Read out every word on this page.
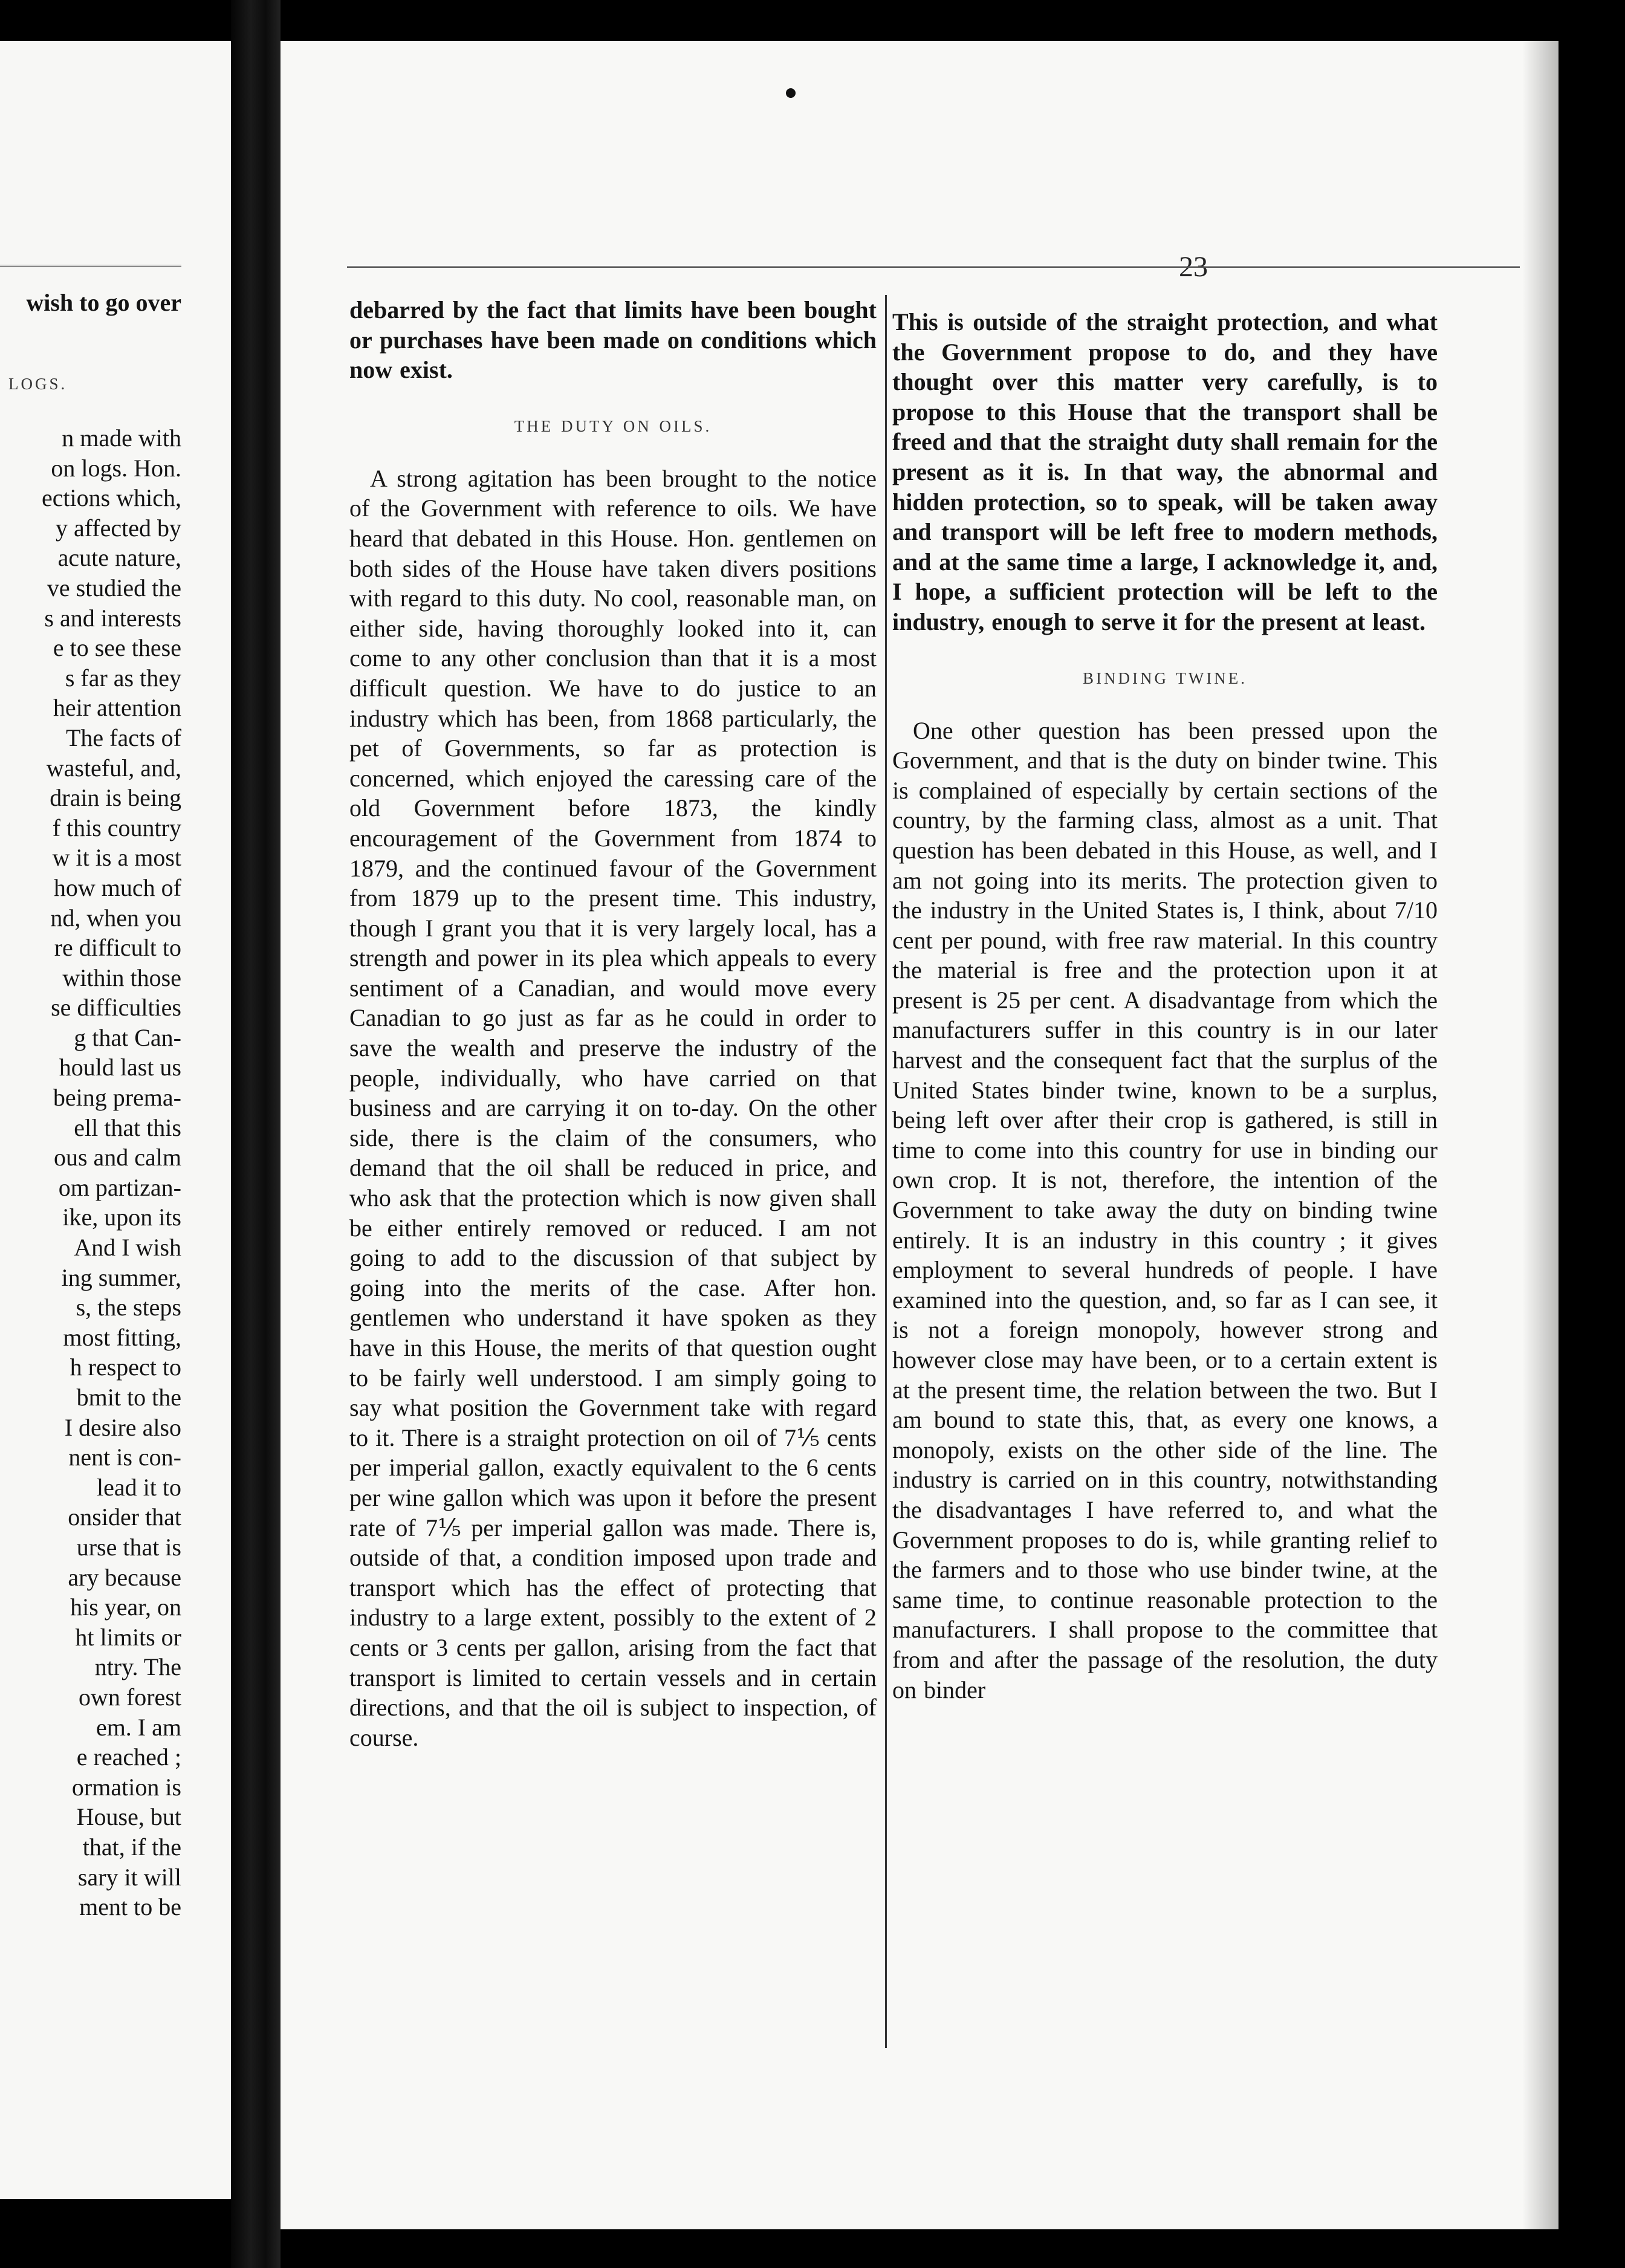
wish to go over
LOGS.
n made with
on logs. Hon.
ections which,
y affected by
acute nature,
ve studied the
s and interests
e to see these
s far as they
heir attention
The facts of
wasteful, and,
drain is being
f this country
w it is a most
how much of
nd, when you
re difficult to
within those
se difficulties
g that Can-
hould last us
being prema-
ell that this
ous and calm
om partizan-
ike, upon its
And I wish
ing summer,
s, the steps
most fitting,
h respect to
bmit to the
I desire also
nent is con-
lead it to
onsider that
urse that is
ary because
his year, on
ht limits or
ntry. The
own forest
em. I am
e reached ;
ormation is
House, but
that, if the
sary it will
ment to be
23

debarred by the fact that limits have been bought or purchases have been made on conditions which now exist.

THE DUTY ON OILS.

A strong agitation has been brought to the notice of the Government with reference to oils. We have heard that debated in this House. Hon. gentlemen on both sides of the House have taken divers positions with regard to this duty. No cool, reasonable man, on either side, having thoroughly looked into it, can come to any other conclusion than that it is a most difficult question. We have to do justice to an industry which has been, from 1868 particularly, the pet of Governments, so far as protection is concerned, which enjoyed the caressing care of the old Government before 1873, the kindly encouragement of the Government from 1874 to 1879, and the continued favour of the Government from 1879 up to the present time. This industry, though I grant you that it is very largely local, has a strength and power in its plea which appeals to every sentiment of a Canadian, and would move every Canadian to go just as far as he could in order to save the wealth and preserve the industry of the people, individually, who have carried on that business and are carrying it on to-day. On the other side, there is the claim of the consumers, who demand that the oil shall be reduced in price, and who ask that the protection which is now given shall be either entirely removed or reduced. I am not going to add to the discussion of that subject by going into the merits of the case. After hon. gentlemen who understand it have spoken as they have in this House, the merits of that question ought to be fairly well understood. I am simply going to say what position the Government take with regard to it. There is a straight protection on oil of 7⅕ cents per imperial gallon, exactly equivalent to the 6 cents per wine gallon which was upon it before the present rate of 7⅕ per imperial gallon was made. There is, outside of that, a condition imposed upon trade and transport which has the effect of protecting that industry to a large extent, possibly to the extent of 2 cents or 3 cents per gallon, arising from the fact that transport is limited to certain vessels and in certain directions, and that the oil is subject to inspection, of course.

This is outside of the straight protection, and what the Government propose to do, and they have thought over this matter very carefully, is to propose to this House that the transport shall be freed and that the straight duty shall remain for the present as it is. In that way, the abnormal and hidden protection, so to speak, will be taken away and transport will be left free to modern methods, and at the same time a large, I acknowledge it, and, I hope, a sufficient protection will be left to the industry, enough to serve it for the present at least.

BINDING TWINE.

One other question has been pressed upon the Government, and that is the duty on binder twine. This is complained of especially by certain sections of the country, by the farming class, almost as a unit. That question has been debated in this House, as well, and I am not going into its merits. The protection given to the industry in the United States is, I think, about 7/10 cent per pound, with free raw material. In this country the material is free and the protection upon it at present is 25 per cent. A disadvantage from which the manufacturers suffer in this country is in our later harvest and the consequent fact that the surplus of the United States binder twine, known to be a surplus, being left over after their crop is gathered, is still in time to come into this country for use in binding our own crop. It is not, therefore, the intention of the Government to take away the duty on binding twine entirely. It is an industry in this country ; it gives employment to several hundreds of people. I have examined into the question, and, so far as I can see, it is not a foreign monopoly, however strong and however close may have been, or to a certain extent is at the present time, the relation between the two. But I am bound to state this, that, as every one knows, a monopoly, exists on the other side of the line. The industry is carried on in this country, notwithstanding the disadvantages I have referred to, and what the Government proposes to do is, while granting relief to the farmers and to those who use binder twine, at the same time, to continue reasonable protection to the manufacturers. I shall propose to the committee that from and after the passage of the resolution, the duty on binder
